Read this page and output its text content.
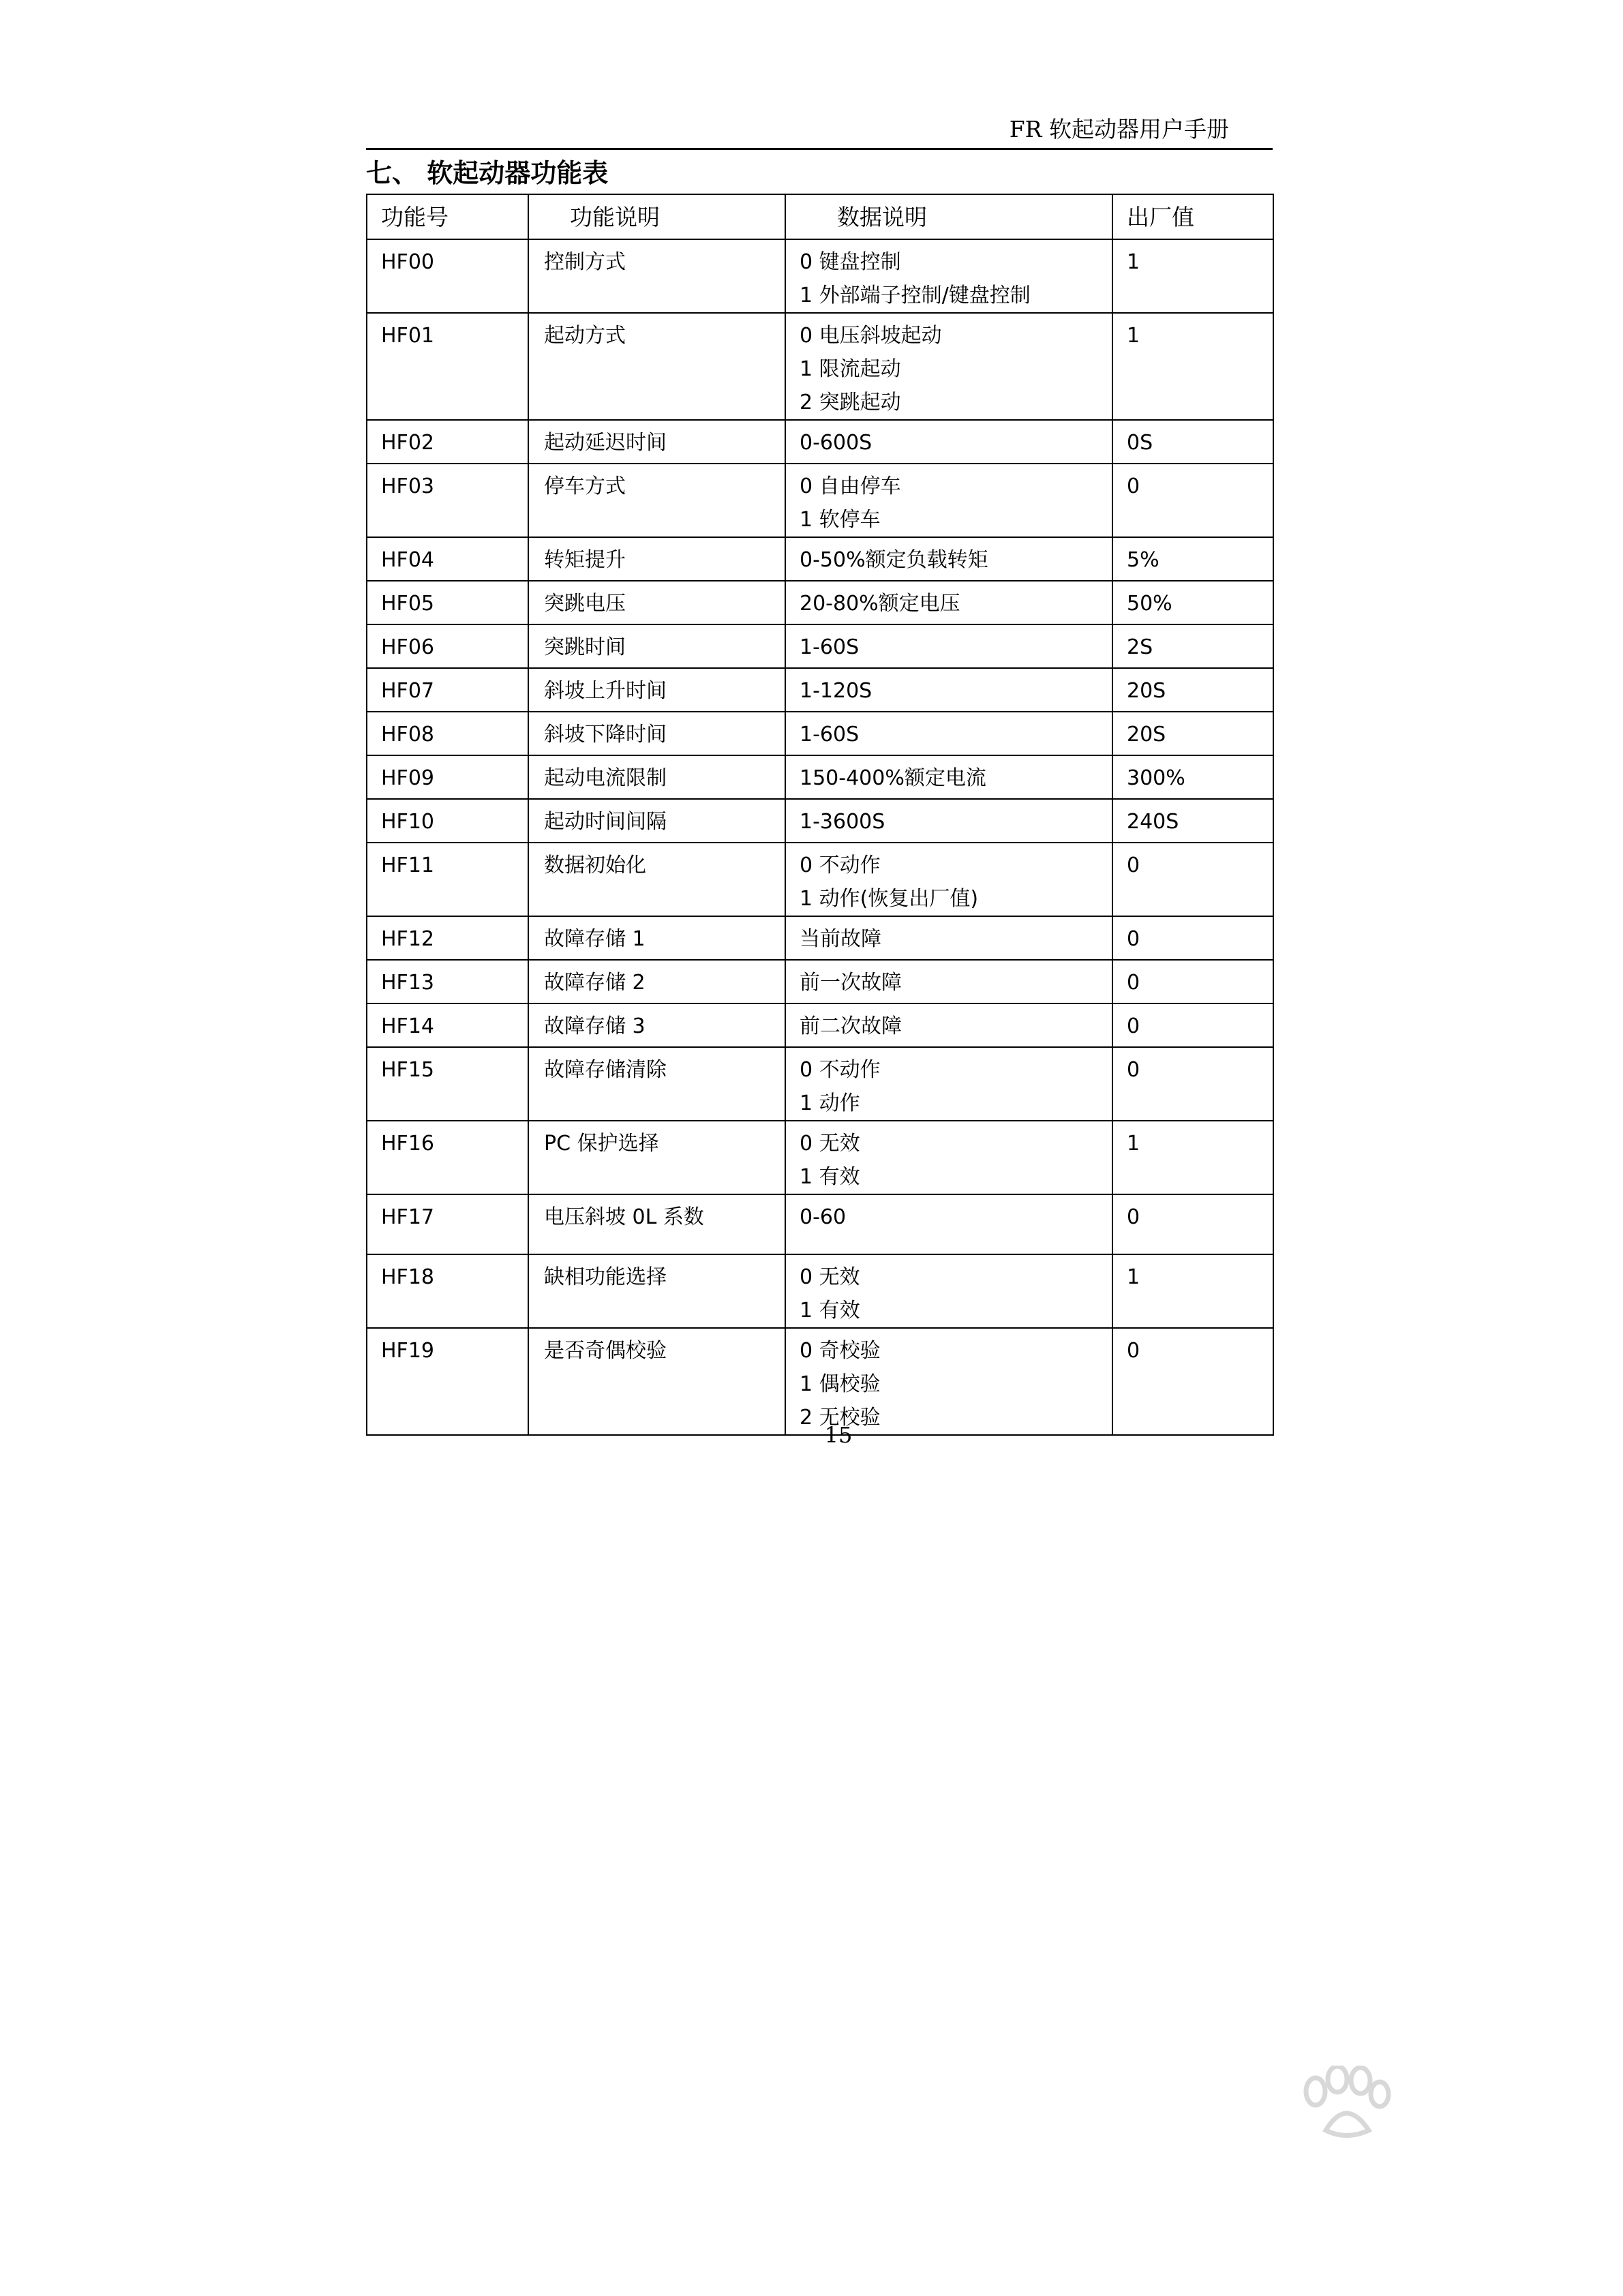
FR 软起动器用户手册
七、 软起动器功能表
功能号	功能说明	数据说明	出厂值
HF00	控制方式	0 键盘控制
1 外部端子控制/键盘控制	1
HF01	起动方式	0 电压斜坡起动
1 限流起动
2 突跳起动	1
HF02	起动延迟时间	0-600S	0S
HF03	停车方式	0 自由停车
1 软停车	0
HF04	转矩提升	0-50%额定负载转矩	5%
HF05	突跳电压	20-80%额定电压	50%
HF06	突跳时间	1-60S	2S
HF07	斜坡上升时间	1-120S	20S
HF08	斜坡下降时间	1-60S	20S
HF09	起动电流限制	150-400%额定电流	300%
HF10	起动时间间隔	1-3600S	240S
HF11	数据初始化	0 不动作
1 动作(恢复出厂值)	0
HF12	故障存储 1	当前故障	0
HF13	故障存储 2	前一次故障	0
HF14	故障存储 3	前二次故障	0
HF15	故障存储清除	0 不动作
1 动作	0
HF16	PC 保护选择	0 无效
1 有效	1
HF17	电压斜坡 0L 系数	0-60	0
HF18	缺相功能选择	0 无效
1 有效	1
HF19	是否奇偶校验	0 奇校验
1 偶校验
2 无校验	0
15
